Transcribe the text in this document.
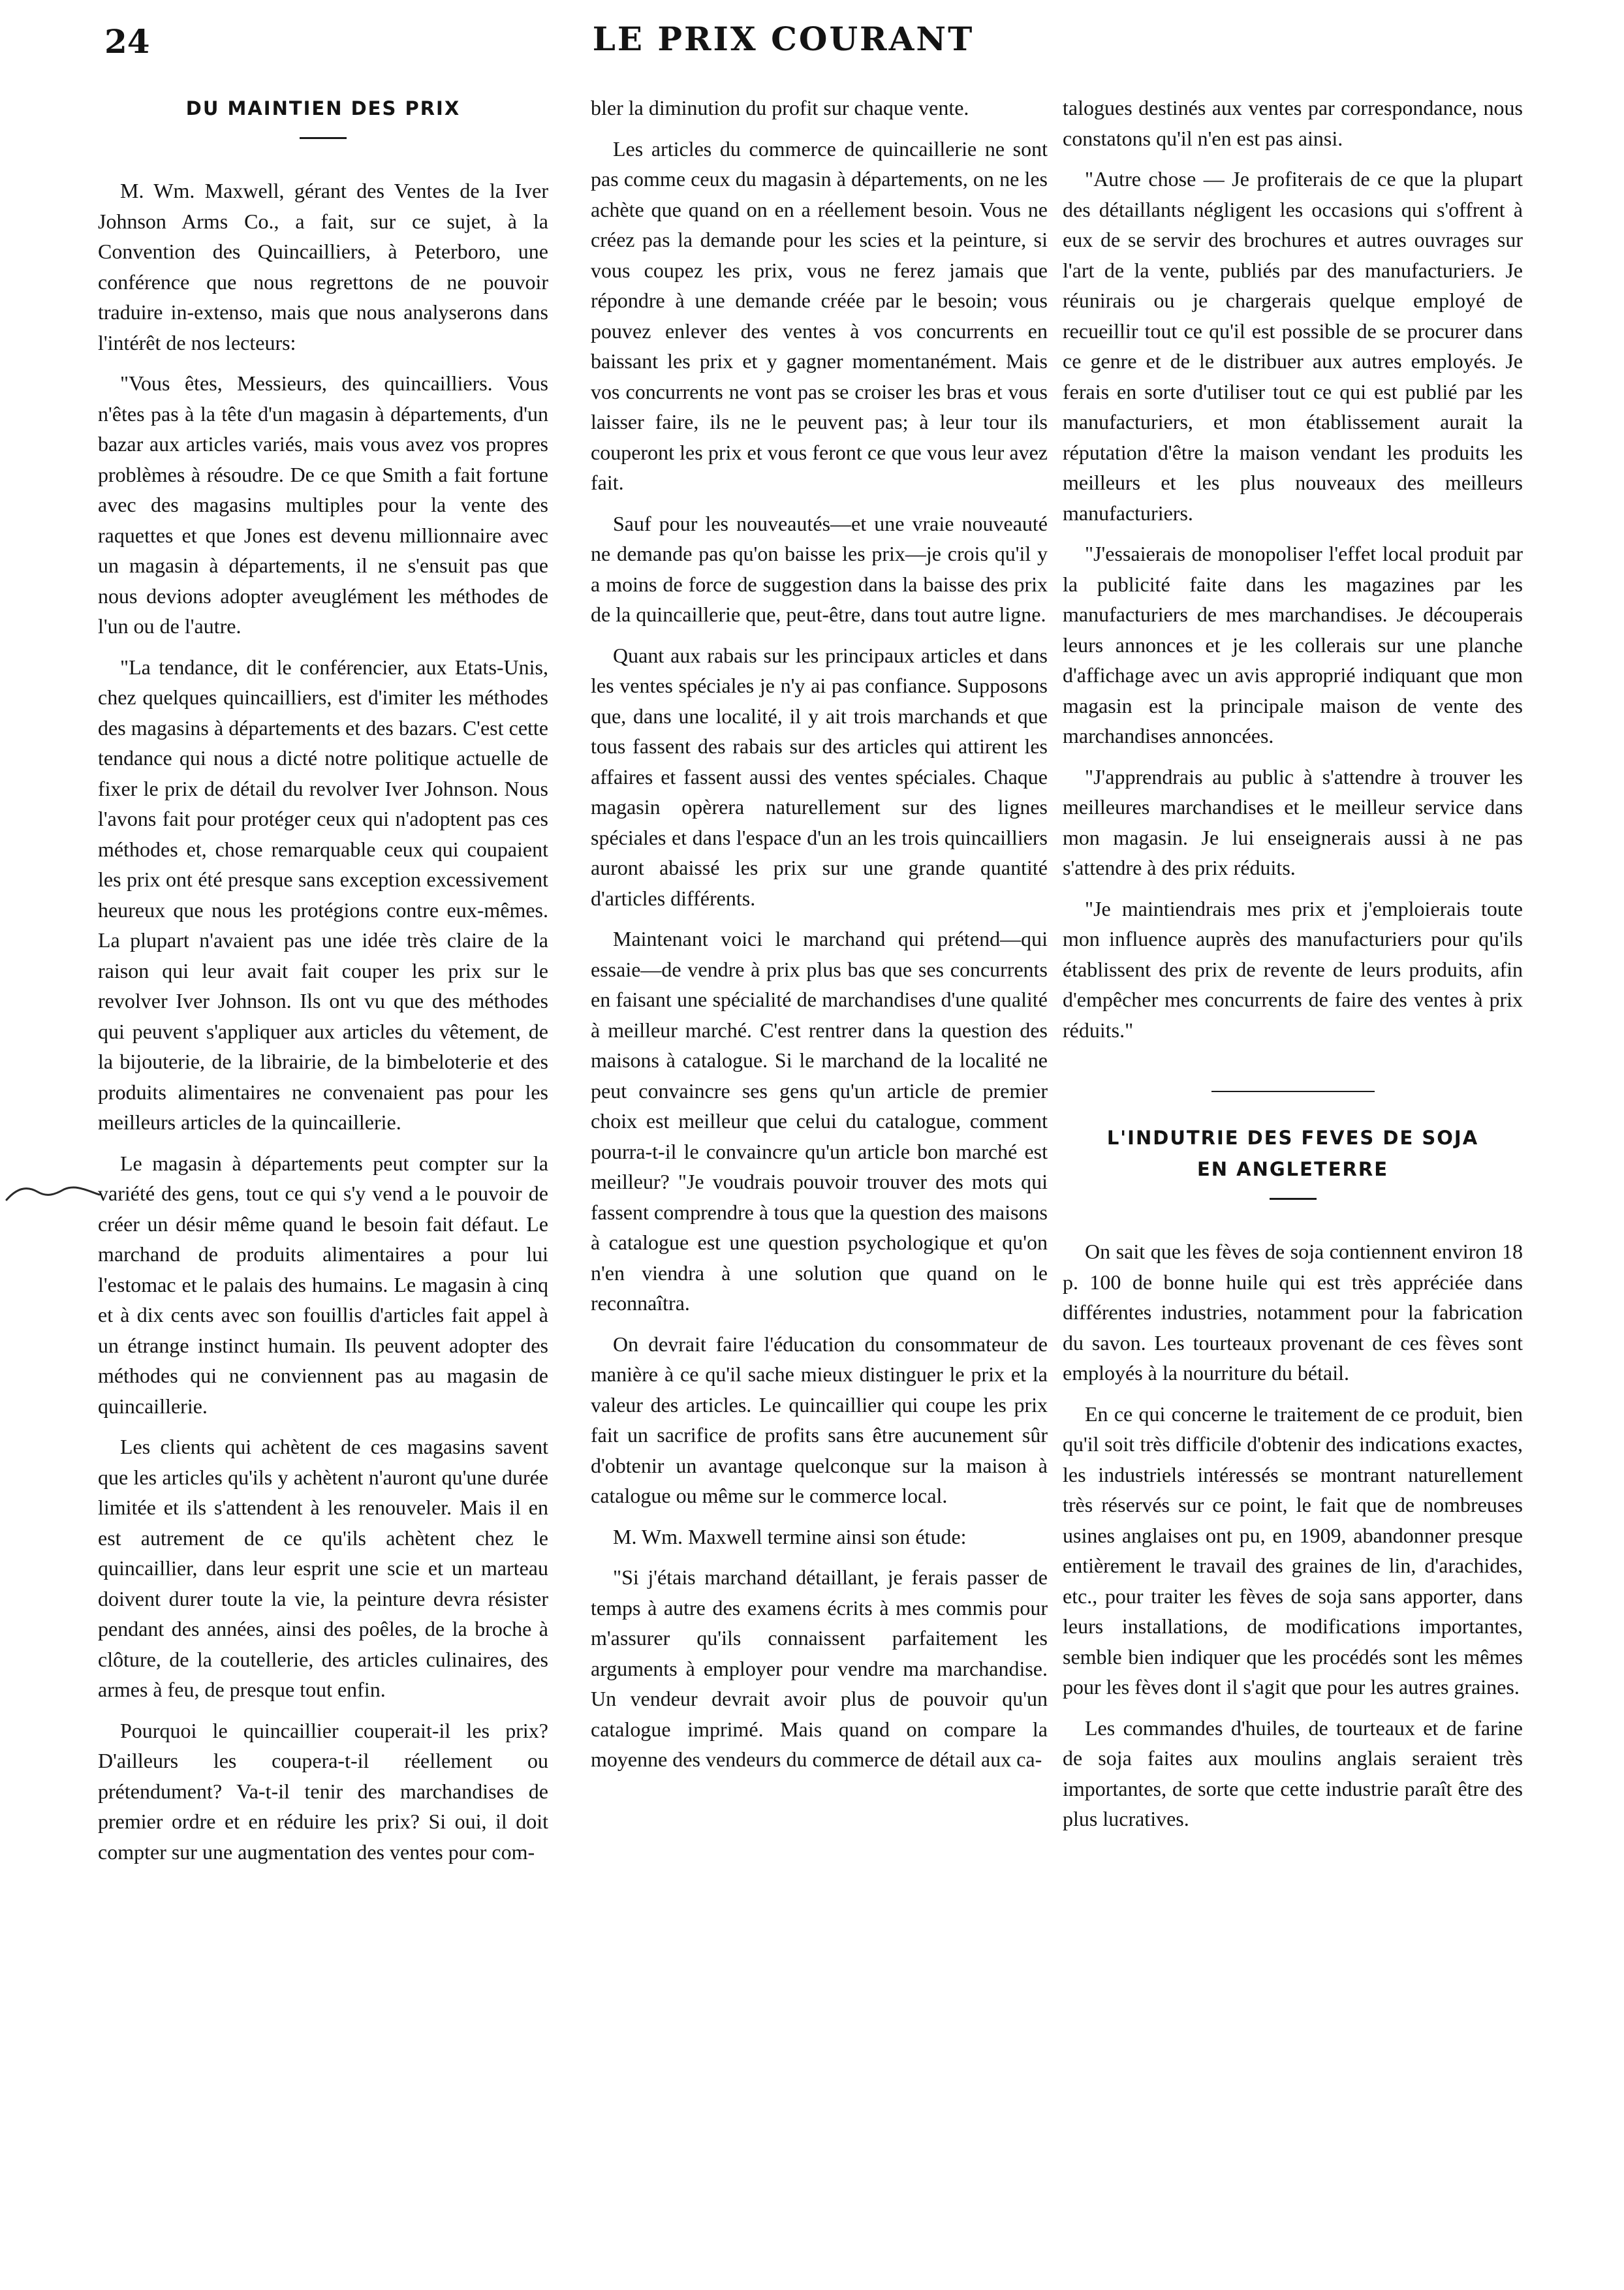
24	LE PRIX COURANT
DU MAINTIEN DES PRIX

M. Wm. Maxwell, gérant des Ventes de la Iver Johnson Arms Co., a fait, sur ce sujet, à la Convention des Quincailliers, à Peterboro, une conférence que nous regrettons de ne pouvoir traduire in-extenso, mais que nous analyserons dans l'intérêt de nos lecteurs:

"Vous êtes, Messieurs, des quincailliers. Vous n'êtes pas à la tête d'un magasin à départements, d'un bazar aux articles variés, mais vous avez vos propres problèmes à résoudre. De ce que Smith a fait fortune avec des magasins multiples pour la vente des raquettes et que Jones est devenu millionnaire avec un magasin à départements, il ne s'ensuit pas que nous devions adopter aveuglément les méthodes de l'un ou de l'autre.

"La tendance, dit le conférencier, aux Etats-Unis, chez quelques quincailliers, est d'imiter les méthodes des magasins à départements et des bazars. C'est cette tendance qui nous a dicté notre politique actuelle de fixer le prix de détail du revolver Iver Johnson. Nous l'avons fait pour protéger ceux qui n'adoptent pas ces méthodes et, chose remarquable ceux qui coupaient les prix ont été presque sans exception excessivement heureux que nous les protégions contre eux-mêmes. La plupart n'avaient pas une idée très claire de la raison qui leur avait fait couper les prix sur le revolver Iver Johnson. Ils ont vu que des méthodes qui peuvent s'appliquer aux articles du vêtement, de la bijouterie, de la librairie, de la bimbeloterie et des produits alimentaires ne convenaient pas pour les meilleurs articles de la quincaillerie.

Le magasin à départements peut compter sur la variété des gens, tout ce qui s'y vend a le pouvoir de créer un désir même quand le besoin fait défaut. Le marchand de produits alimentaires a pour lui l'estomac et le palais des humains. Le magasin à cinq et à dix cents avec son fouillis d'articles fait appel à un étrange instinct humain. Ils peuvent adopter des méthodes qui ne conviennent pas au magasin de quincaillerie.

Les clients qui achètent de ces magasins savent que les articles qu'ils y achètent n'auront qu'une durée limitée et ils s'attendent à les renouveler. Mais il en est autrement de ce qu'ils achètent chez le quincaillier, dans leur esprit une scie et un marteau doivent durer toute la vie, la peinture devra résister pendant des années, ainsi des poêles, de la broche à clôture, de la coutellerie, des articles culinaires, des armes à feu, de presque tout enfin.

Pourquoi le quincaillier couperait-il les prix? D'ailleurs les coupera-t-il réellement ou prétendument? Va-t-il tenir des marchandises de premier ordre et en réduire les prix? Si oui, il doit compter sur une augmentation des ventes pour com-

bler la diminution du profit sur chaque vente.

Les articles du commerce de quincaillerie ne sont pas comme ceux du magasin à départements, on ne les achète que quand on en a réellement besoin. Vous ne créez pas la demande pour les scies et la peinture, si vous coupez les prix, vous ne ferez jamais que répondre à une demande créée par le besoin; vous pouvez enlever des ventes à vos concurrents en baissant les prix et y gagner momentanément. Mais vos concurrents ne vont pas se croiser les bras et vous laisser faire, ils ne le peuvent pas; à leur tour ils couperont les prix et vous feront ce que vous leur avez fait.

Sauf pour les nouveautés—et une vraie nouveauté ne demande pas qu'on baisse les prix—je crois qu'il y a moins de force de suggestion dans la baisse des prix de la quincaillerie que, peut-être, dans tout autre ligne.

Quant aux rabais sur les principaux articles et dans les ventes spéciales je n'y ai pas confiance. Supposons que, dans une localité, il y ait trois marchands et que tous fassent des rabais sur des articles qui attirent les affaires et fassent aussi des ventes spéciales. Chaque magasin opèrera naturellement sur des lignes spéciales et dans l'espace d'un an les trois quincailliers auront abaissé les prix sur une grande quantité d'articles différents.

Maintenant voici le marchand qui prétend—qui essaie—de vendre à prix plus bas que ses concurrents en faisant une spécialité de marchandises d'une qualité à meilleur marché. C'est rentrer dans la question des maisons à catalogue. Si le marchand de la localité ne peut convaincre ses gens qu'un article de premier choix est meilleur que celui du catalogue, comment pourra-t-il le convaincre qu'un article bon marché est meilleur? "Je voudrais pouvoir trouver des mots qui fassent comprendre à tous que la question des maisons à catalogue est une question psychologique et qu'on n'en viendra à une solution que quand on le reconnaîtra.

On devrait faire l'éducation du consommateur de manière à ce qu'il sache mieux distinguer le prix et la valeur des articles. Le quincaillier qui coupe les prix fait un sacrifice de profits sans être aucunement sûr d'obtenir un avantage quelconque sur la maison à catalogue ou même sur le commerce local.

M. Wm. Maxwell termine ainsi son étude:

"Si j'étais marchand détaillant, je ferais passer de temps à autre des examens écrits à mes commis pour m'assurer qu'ils connaissent parfaitement les arguments à employer pour vendre ma marchandise. Un vendeur devrait avoir plus de pouvoir qu'un catalogue imprimé. Mais quand on compare la moyenne des vendeurs du commerce de détail aux ca-

talogues destinés aux ventes par correspondance, nous constatons qu'il n'en est pas ainsi.

"Autre chose — Je profiterais de ce que la plupart des détaillants négligent les occasions qui s'offrent à eux de se servir des brochures et autres ouvrages sur l'art de la vente, publiés par des manufacturiers. Je réunirais ou je chargerais quelque employé de recueillir tout ce qu'il est possible de se procurer dans ce genre et de le distribuer aux autres employés. Je ferais en sorte d'utiliser tout ce qui est publié par les manufacturiers, et mon établissement aurait la réputation d'être la maison vendant les produits les meilleurs et les plus nouveaux des meilleurs manufacturiers.

"J'essaierais de monopoliser l'effet local produit par la publicité faite dans les magazines par les manufacturiers de mes marchandises. Je découperais leurs annonces et je les collerais sur une planche d'affichage avec un avis approprié indiquant que mon magasin est la principale maison de vente des marchandises annoncées.

"J'apprendrais au public à s'attendre à trouver les meilleures marchandises et le meilleur service dans mon magasin. Je lui enseignerais aussi à ne pas s'attendre à des prix réduits.

"Je maintiendrais mes prix et j'emploierais toute mon influence auprès des manufacturiers pour qu'ils établissent des prix de revente de leurs produits, afin d'empêcher mes concurrents de faire des ventes à prix réduits."

L'INDUTRIE DES FEVES DE SOJA
EN ANGLETERRE

On sait que les fèves de soja contiennent environ 18 p. 100 de bonne huile qui est très appréciée dans différentes industries, notamment pour la fabrication du savon. Les tourteaux provenant de ces fèves sont employés à la nourriture du bétail.

En ce qui concerne le traitement de ce produit, bien qu'il soit très difficile d'obtenir des indications exactes, les industriels intéressés se montrant naturellement très réservés sur ce point, le fait que de nombreuses usines anglaises ont pu, en 1909, abandonner presque entièrement le travail des graines de lin, d'arachides, etc., pour traiter les fèves de soja sans apporter, dans leurs installations, de modifications importantes, semble bien indiquer que les procédés sont les mêmes pour les fèves dont il s'agit que pour les autres graines.

Les commandes d'huiles, de tourteaux et de farine de soja faites aux moulins anglais seraient très importantes, de sorte que cette industrie paraît être des plus lucratives.
